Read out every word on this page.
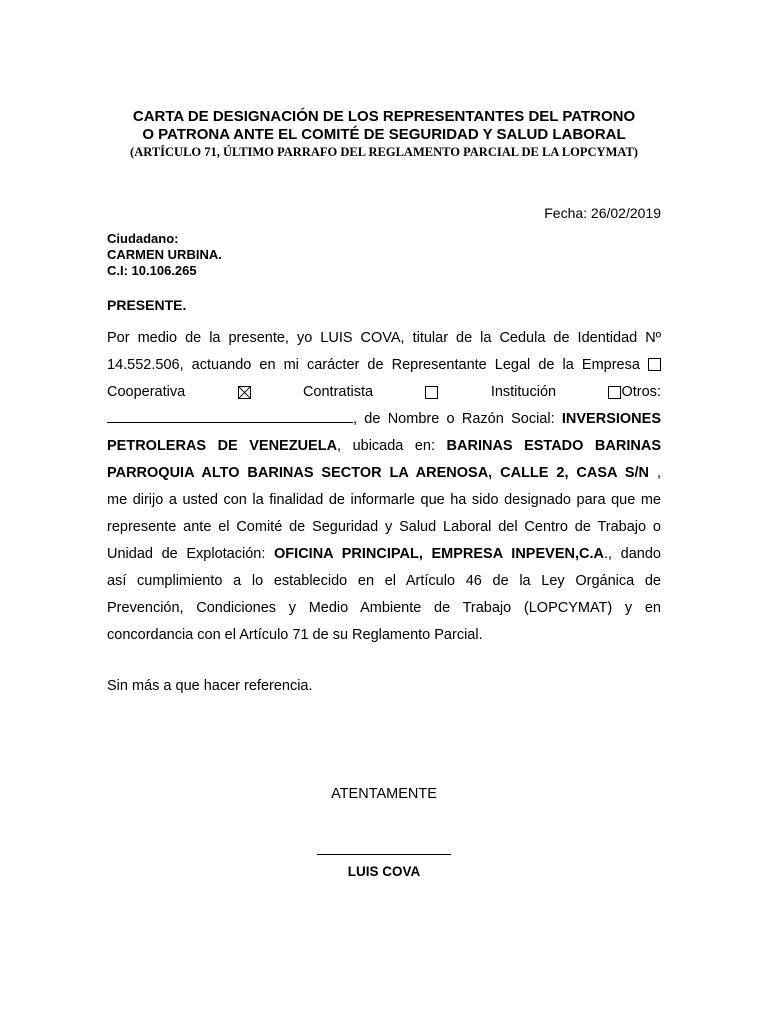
CARTA DE DESIGNACIÓN DE LOS REPRESENTANTES DEL PATRONO
O PATRONA ANTE EL COMITÉ DE SEGURIDAD Y SALUD LABORAL
(ARTÍCULO 71, ÚLTIMO PARRAFO DEL REGLAMENTO PARCIAL DE LA LOPCYMAT)
Fecha: 26/02/2019
Ciudadano:
CARMEN URBINA.
C.I: 10.106.265
PRESENTE.
Por medio de la presente, yo LUIS COVA, titular de la Cedula de Identidad Nº
14.552.506, actuando en mi carácter de Representante Legal de la Empresa
Cooperativa	Contratista	Institución	Otros:
, de Nombre o Razón Social: INVERSIONES
PETROLERAS DE VENEZUELA, ubicada en: BARINAS ESTADO BARINAS
PARROQUIA ALTO BARINAS SECTOR LA ARENOSA, CALLE 2, CASA S/N ,
me dirijo a usted con la finalidad de informarle que ha sido designado para que me
represente ante el Comité de Seguridad y Salud Laboral del Centro de Trabajo o
Unidad de Explotación: OFICINA PRINCIPAL, EMPRESA INPEVEN,C.A., dando
así cumplimiento a lo establecido en el Artículo 46 de la Ley Orgánica de
Prevención, Condiciones y Medio Ambiente de Trabajo (LOPCYMAT) y en
concordancia con el Artículo 71 de su Reglamento Parcial.
Sin más a que hacer referencia.
ATENTAMENTE
LUIS COVA
